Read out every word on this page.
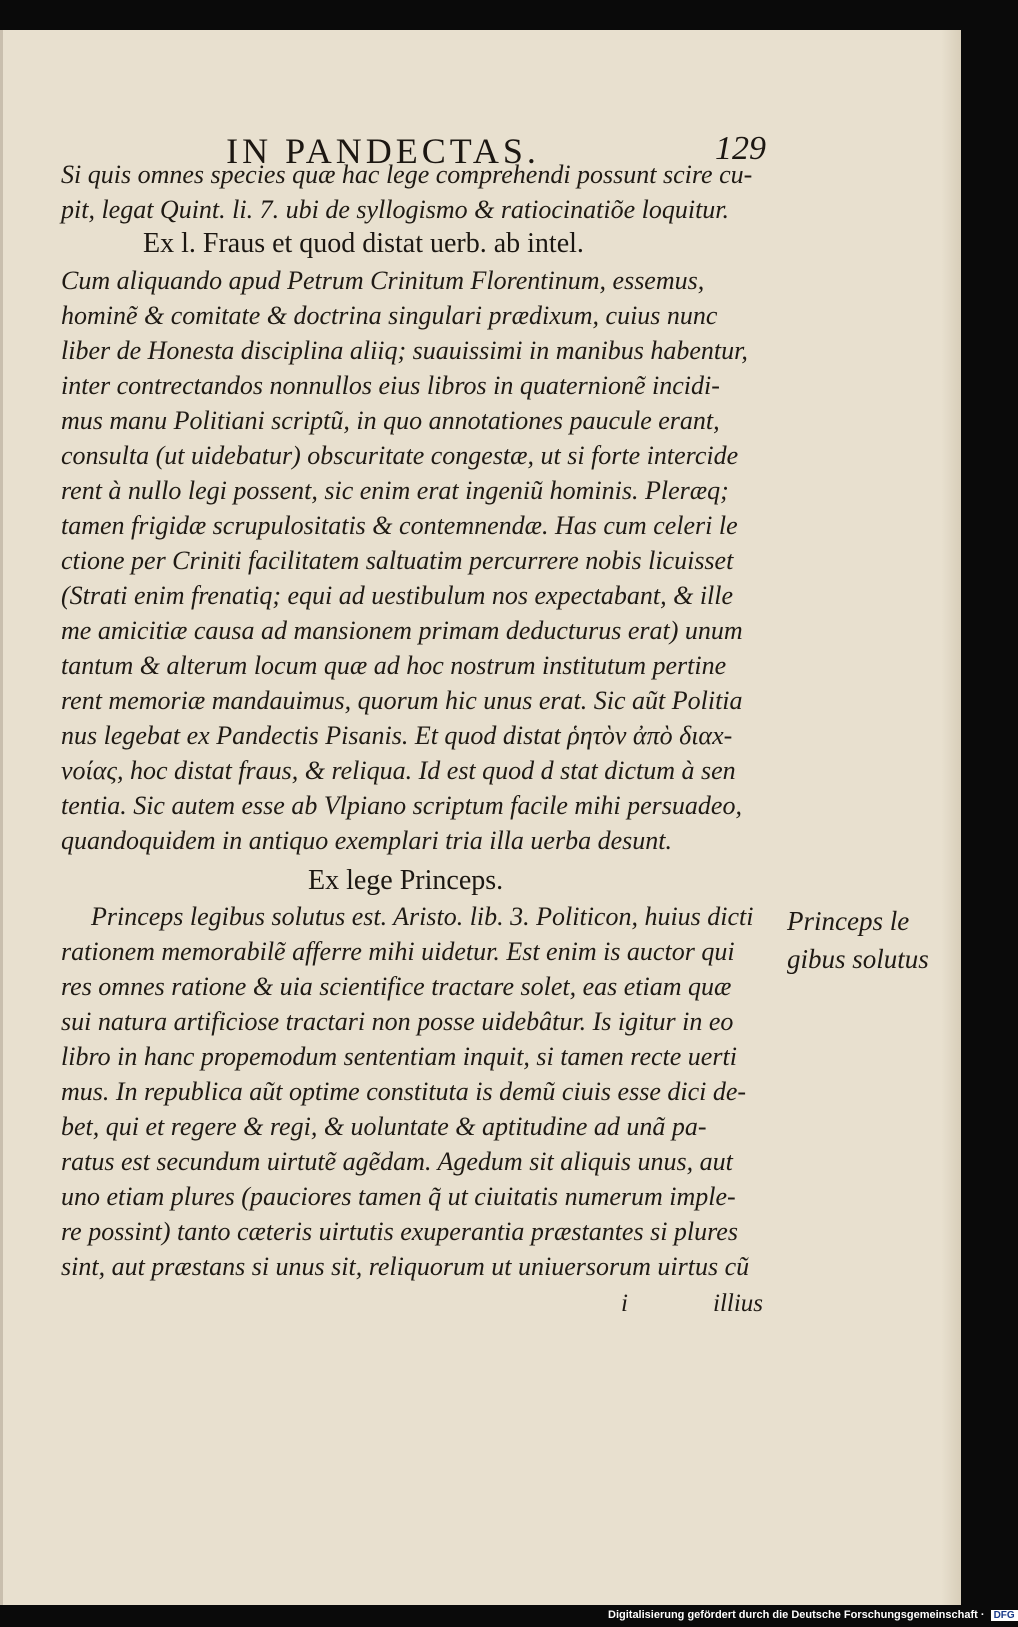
IN PANDECTAS.	129
Si quis omnes species quæ hac lege comprehendi possunt scire cu-
pit, legat Quint. li. 7. ubi de syllogismo & ratiocinatiõe loquitur.
Ex l. Fraus et quod distat uerb. ab intel.
Cum aliquando apud Petrum Crinitum Florentinum, essemus,
hominẽ & comitate & doctrina singulari prædixum, cuius nunc
liber de Honesta disciplina aliiq; suauissimi in manibus habentur,
inter contrectandos nonnullos eius libros in quaternionẽ incidi-
mus manu Politiani scriptũ, in quo annotationes paucule erant,
consulta (ut uidebatur) obscuritate congestæ, ut si forte intercide
rent à nullo legi possent, sic enim erat ingeniũ hominis. Pleræq;
tamen frigidæ scrupulositatis & contemnendæ. Has cum celeri le
ctione per Criniti facilitatem saltuatim percurrere nobis licuisset
(Strati enim frenatiq; equi ad uestibulum nos expectabant, & ille
me amicitiæ causa ad mansionem primam deducturus erat) unum
tantum & alterum locum quæ ad hoc nostrum institutum pertine
rent memoriæ mandauimus, quorum hic unus erat. Sic aũt Politia
nus legebat ex Pandectis Pisanis. Et quod distat ῥητὸν ἀπὸ διαx-
νοίας, hoc distat fraus, & reliqua. Id est quod d stat dictum à sen
tentia. Sic autem esse ab Vlpiano scriptum facile mihi persuadeo,
quandoquidem in antiquo exemplari tria illa uerba desunt.
Ex lege Princeps.
Princeps legibus solutus est. Aristo. lib. 3. Politicon, huius dicti
rationem memorabilẽ afferre mihi uidetur. Est enim is auctor qui
res omnes ratione & uia scientifice tractare solet, eas etiam quæ
sui natura artificiose tractari non posse uidebâtur. Is igitur in eo
libro in hanc propemodum sententiam inquit, si tamen recte uerti
mus. In republica aũt optime constituta is demũ ciuis esse dici de-
bet, qui et regere & regi, & uoluntate & aptitudine ad unã pa-
ratus est secundum uirtutẽ agẽdam. Agedum sit aliquis unus, aut
uno etiam plures (pauciores tamen q̃ ut ciuitatis numerum imple-
re possint) tanto cæteris uirtutis exuperantia præstantes si plures
sint, aut præstans si unus sit, reliquorum ut uniuersorum uirtus cũ
Princeps le gibus solutus
i	illius
Digitalisierung gefördert durch die Deutsche Forschungsgemeinschaft · DFG
